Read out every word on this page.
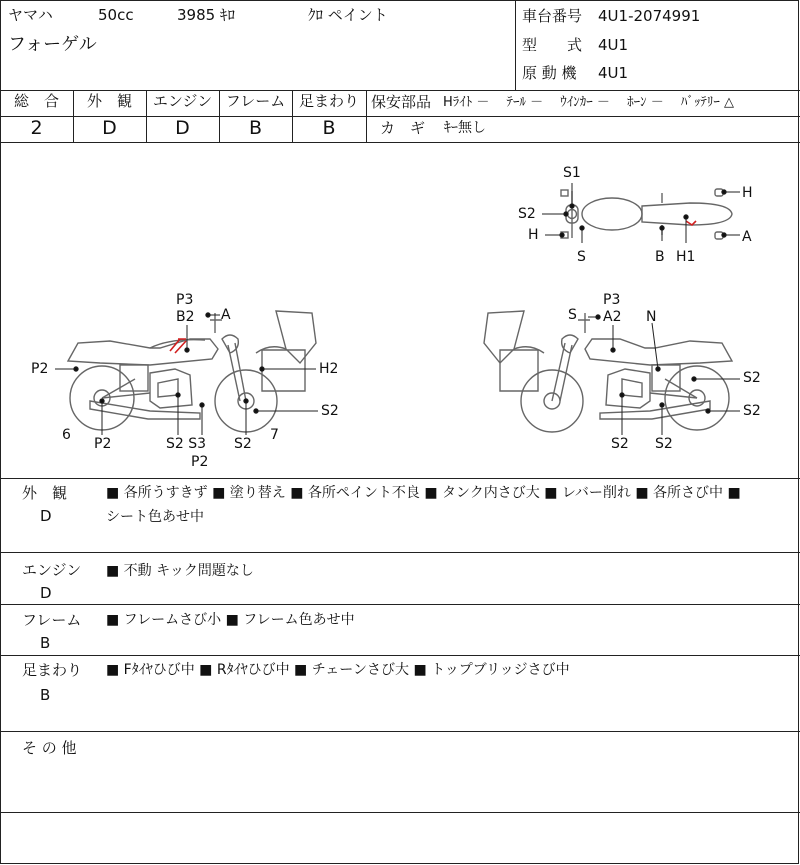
ヤマハ	50cc	3985 ｷﾛ	ｸﾛ ペイント
フォーゲル
車台番号 4U1-2074991
型　　式 4U1
原 動 機 4U1
総　合	外　観	エンジン フレーム 足まわり
2	D	D	B	B
保安部品 Hﾗｲﾄ －　 ﾃｰﾙ －　 ｳｲﾝｶｰ －　 ﾎｰﾝ －　 ﾊﾞｯﾃﾘｰ △
カ　ギ ｷｰ無し
S1
S2
H
S	B H1
H
A
P3
B2 A
P2	H2
S2
6
P2	S2 S3
P2
S2
7
S
P3
A2 N
S2
S2
S2 S2
外　観
D
■ 各所うすきず ■ 塗り替え ■ 各所ペイント不良 ■ タンク内さび大 ■ レバー削れ ■ 各所さび中 ■
シート色あせ中
エンジン
D
■ 不動 キック問題なし
フレーム
B
■ フレームさび小 ■ フレーム色あせ中
足まわり
B
■ Fﾀｲﾔひび中 ■ Rﾀｲﾔひび中 ■ チェーンさび大 ■ トップブリッジさび中
そ の 他
